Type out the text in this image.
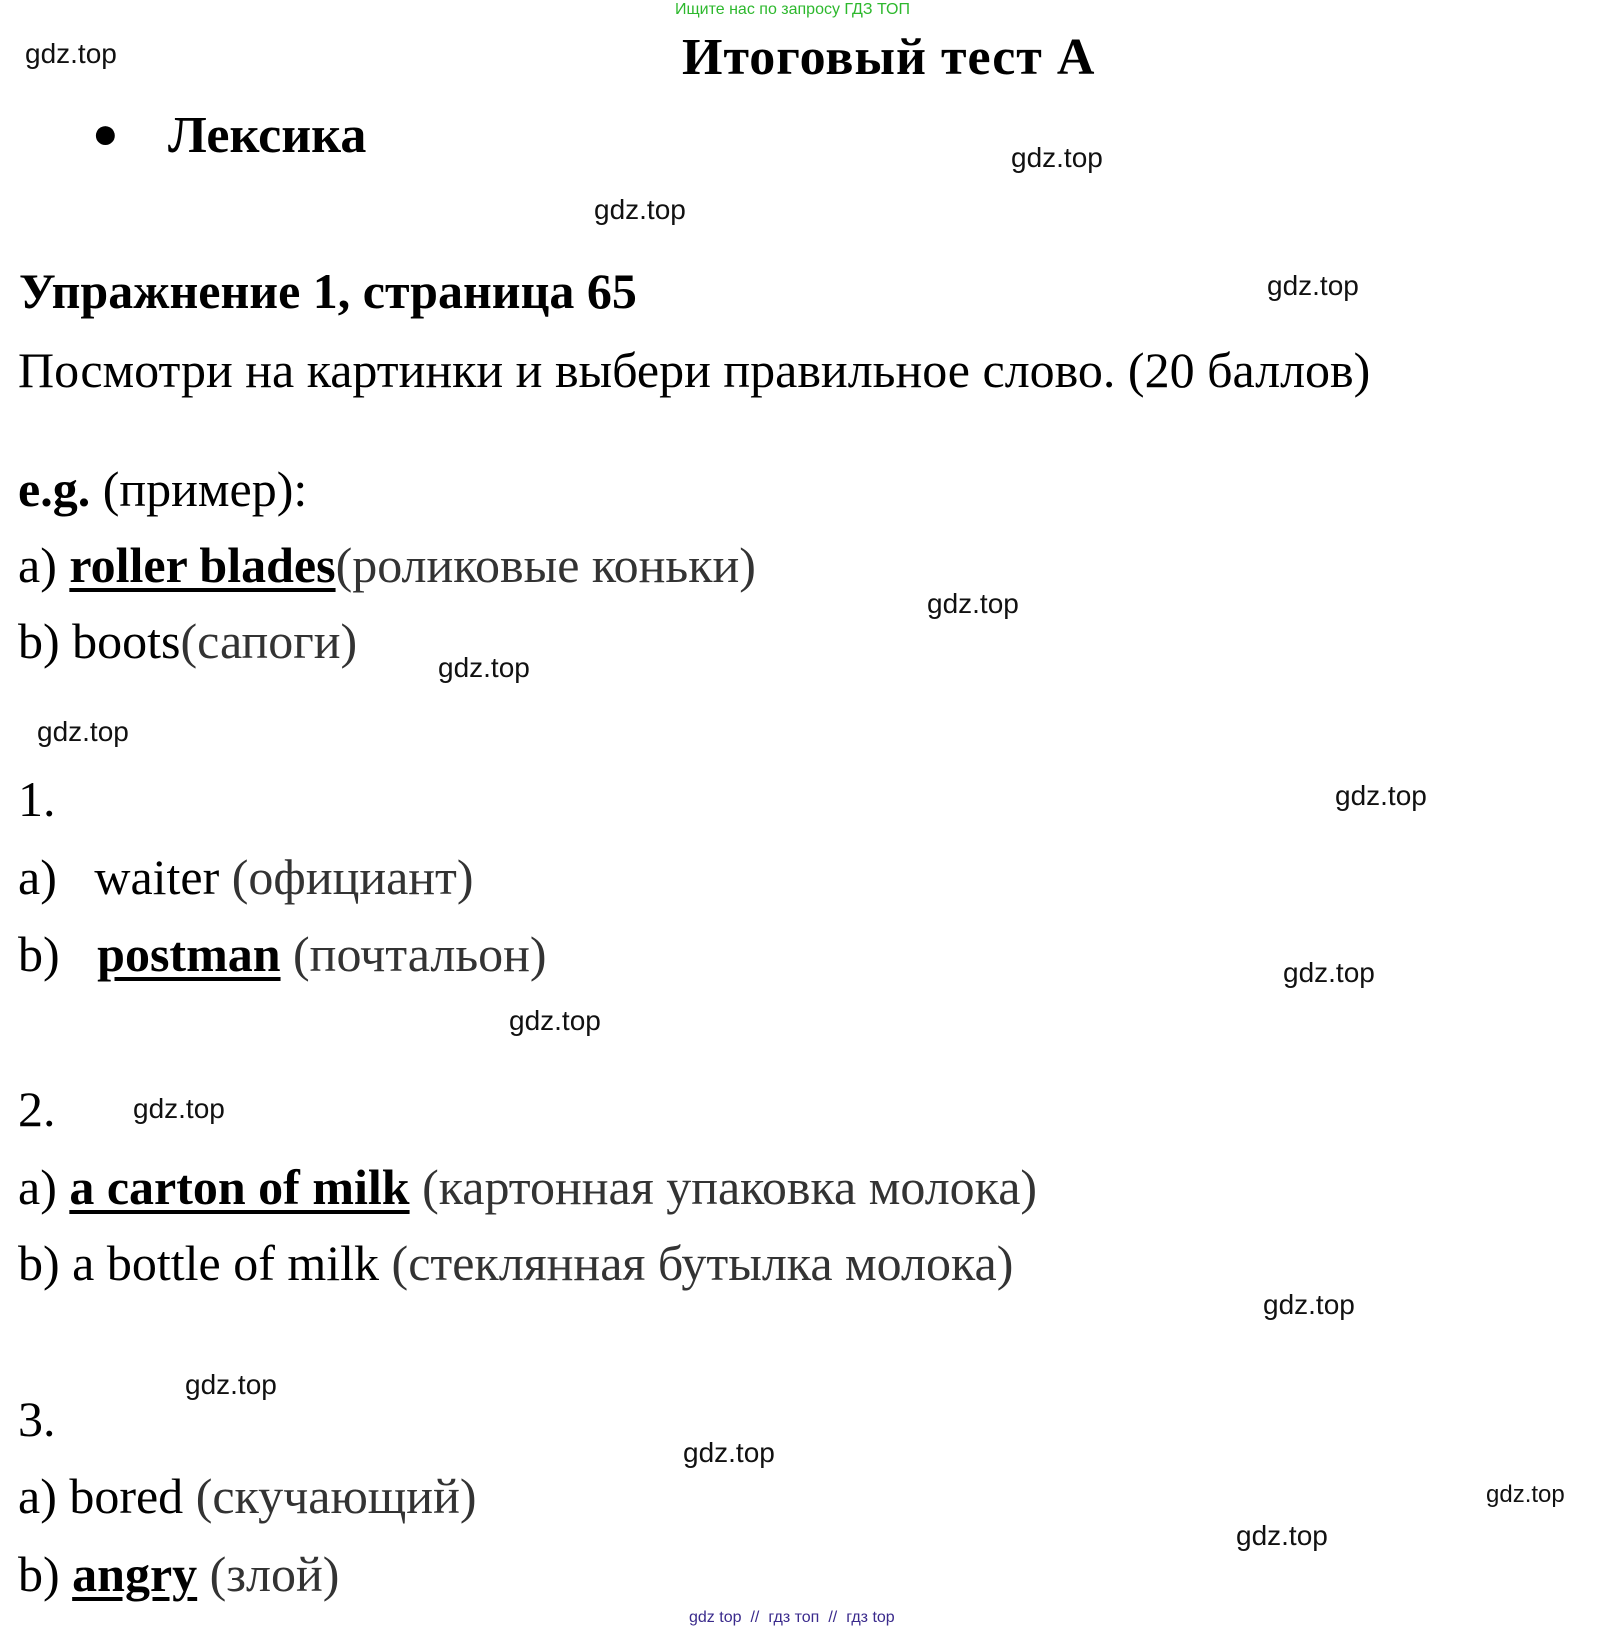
Ищите нас по запросу ГДЗ ТОП
Итоговый тест А
● Лексика
Упражнение 1, страница 65
Посмотри на картинки и выбери правильное слово. (20 баллов)
e.g. (пример):
a) roller blades(роликовые коньки)
b) boots(сапоги)
1.
a)   waiter (официант)
b)   postman (почтальон)
2.
a) a carton of milk (картонная упаковка молока)
b) a bottle of milk (стеклянная бутылка молока)
3.
a) bored (скучающий)
b) angry (злой)
gdz.top
gdz.top
gdz.top
gdz.top
gdz.top
gdz.top
gdz.top
gdz.top
gdz.top
gdz.top
gdz.top
gdz.top
gdz.top
gdz.top
gdz.top
gdz.top
gdz top // гдз топ // гдз top
